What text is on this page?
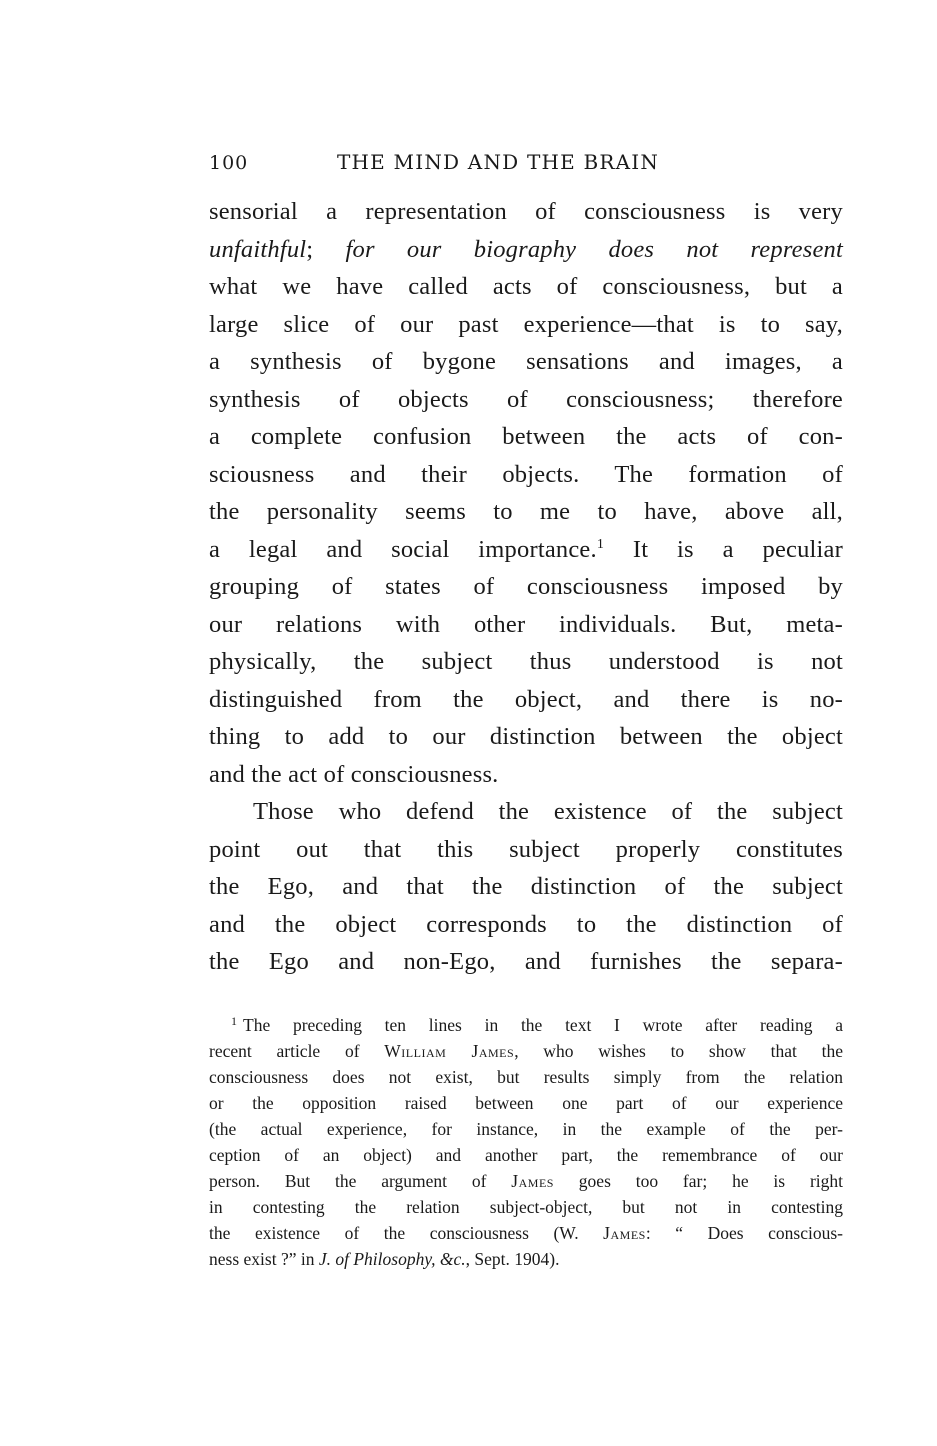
100	THE MIND AND THE BRAIN
sensorial a representation of consciousness is very
unfaithful; for our biography does not represent
what we have called acts of consciousness, but a
large slice of our past experience—that is to say,
a synthesis of bygone sensations and images, a
synthesis of objects of consciousness; therefore
a complete confusion between the acts of con-
sciousness and their objects. The formation of
the personality seems to me to have, above all,
a legal and social importance.$^1$ It is a peculiar
grouping of states of consciousness imposed by
our relations with other individuals. But, meta-
physically, the subject thus understood is not
distinguished from the object, and there is no-
thing to add to our distinction between the object
and the act of consciousness.
Those who defend the existence of the subject
point out that this subject properly constitutes
the Ego, and that the distinction of the subject
and the object corresponds to the distinction of
the Ego and non-Ego, and furnishes the separa-
$^1$ The preceding ten lines in the text I wrote after reading a
recent article of William James, who wishes to show that the
consciousness does not exist, but results simply from the relation
or the opposition raised between one part of our experience
(the actual experience, for instance, in the example of the per-
ception of an object) and another part, the remembrance of our
person. But the argument of James goes too far; he is right
in contesting the relation subject-object, but not in contesting
the existence of the consciousness (W. James: “ Does conscious-
ness exist ?” in J. of Philosophy, &c., Sept. 1904).
